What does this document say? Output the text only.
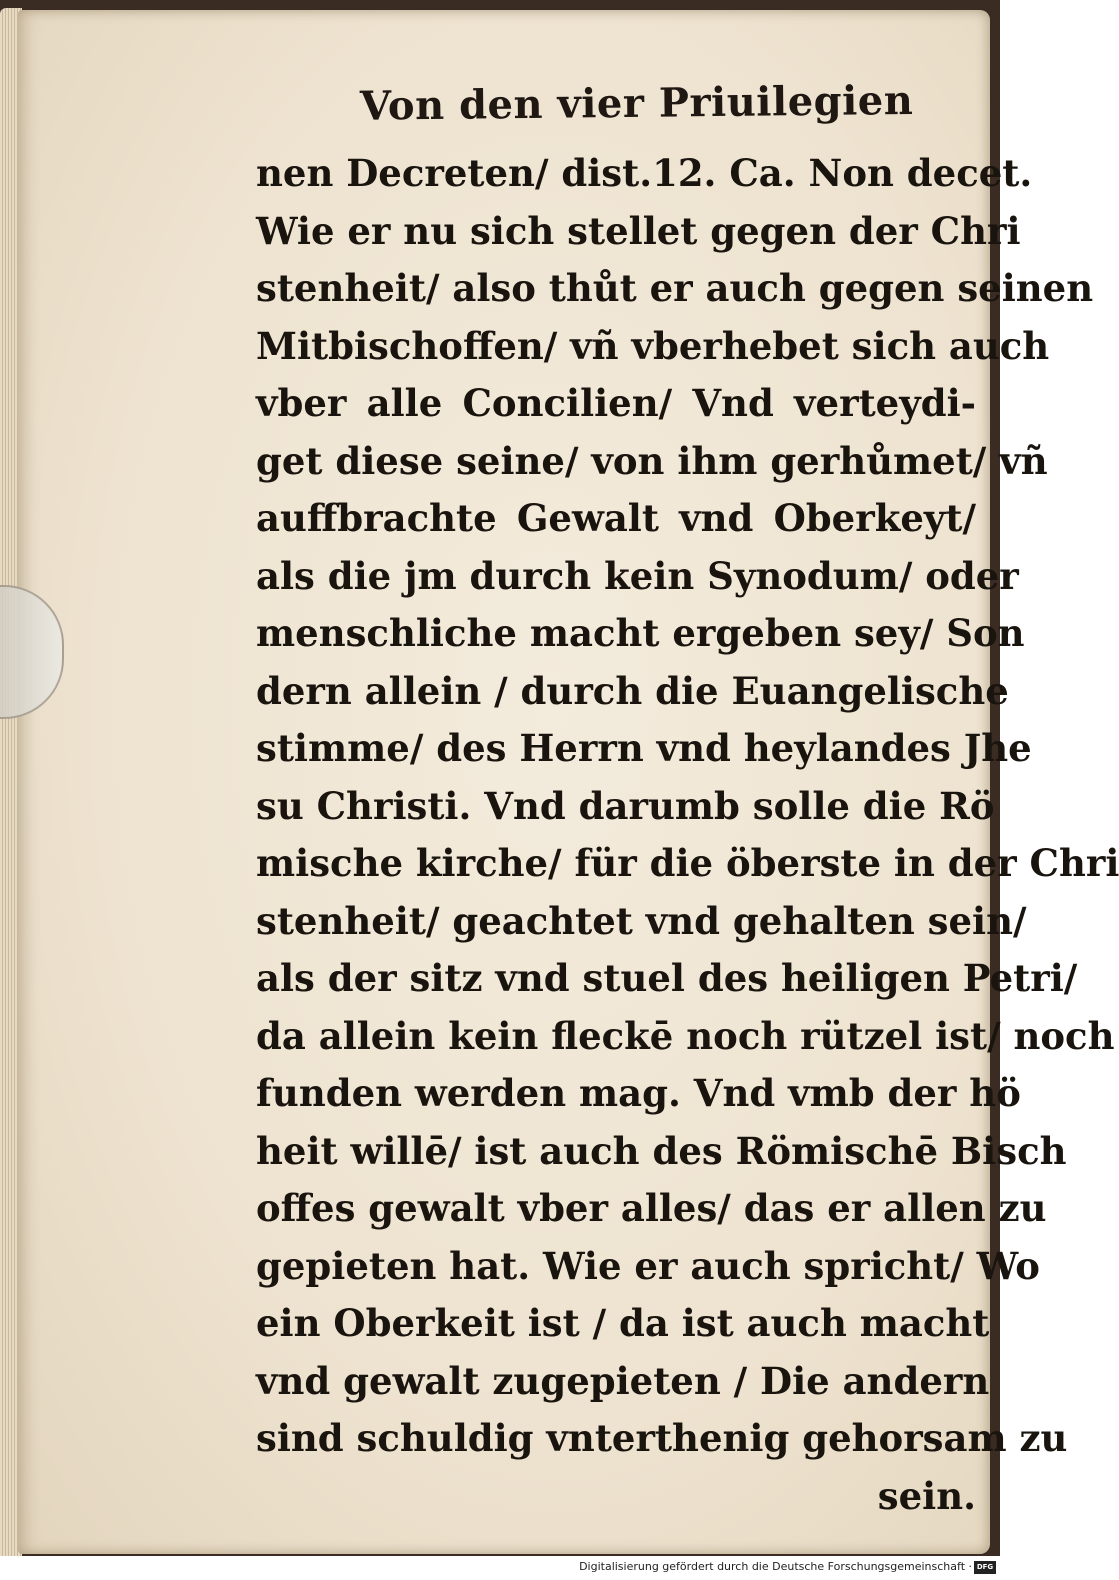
Von den vier Priuilegien
nen Decreten/ dist.12. Ca. Non decet.
Wie er nu sich stellet gegen der Chri
stenheit/ also thůt er auch gegen seinen
Mitbischoffen/ vñ vberhebet sich auch
vber alle Concilien/ Vnd verteydi-
get diese seine/ von ihm gerhůmet/ vñ
auffbrachte Gewalt vnd Oberkeyt/
als die jm durch kein Synodum/ oder
menschliche macht ergeben sey/ Son
dern allein / durch die Euangelische
stimme/ des Herrn vnd heylandes Jhe
su Christi. Vnd darumb solle die Rö
mische kirche/ für die öberste in der Chri
stenheit/ geachtet vnd gehalten sein/
als der sitz vnd stuel des heiligen Petri/
da allein kein fleckē noch rützel ist/ noch
funden werden mag. Vnd vmb der hö
heit willē/ ist auch des Römischē Bisch
offes gewalt vber alles/ das er allen zu
gepieten hat. Wie er auch spricht/ Wo
ein Oberkeit ist / da ist auch macht
vnd gewalt zugepieten / Die andern
sind schuldig vnterthenig gehorsam zu
sein.
Digitalisierung gefördert durch die Deutsche Forschungsgemeinschaft · DFG
